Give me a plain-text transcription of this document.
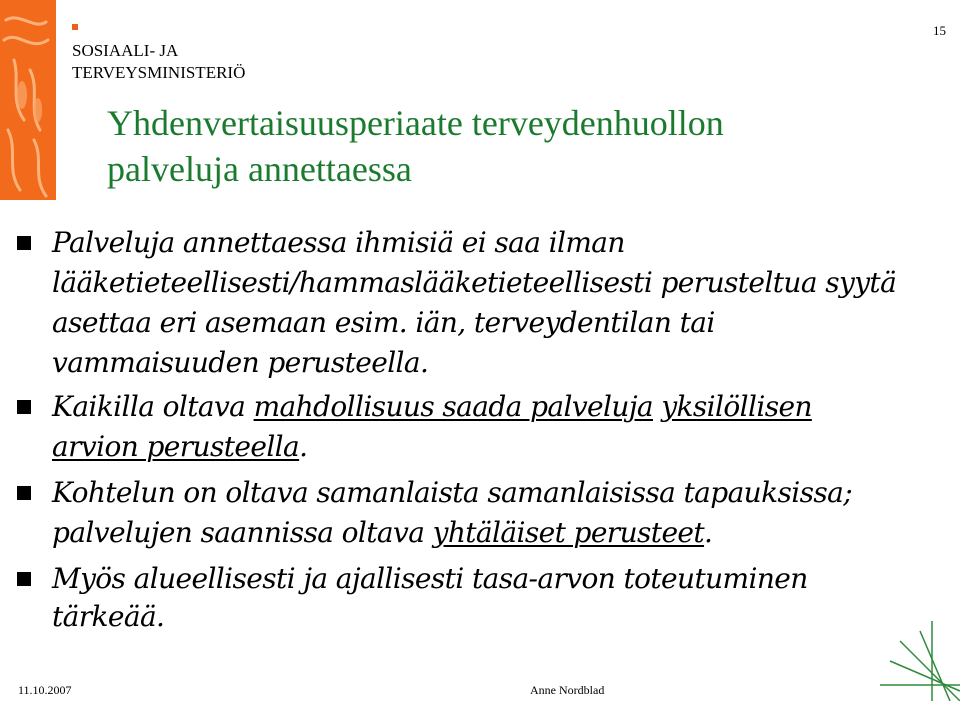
SOSIAALI- JA
TERVEYSMINISTERIÖ
15
Yhdenvertaisuusperiaate terveydenhuollon
palveluja annettaessa
Palveluja annettaessa ihmisiä ei saa ilman
lääketieteellisesti/hammaslääketieteellisesti perusteltua syytä
asettaa eri asemaan esim. iän, terveydentilan tai
vammaisuuden perusteella.
Kaikilla oltava mahdollisuus saada palveluja yksilöllisen
arvion perusteella.
Kohtelun on oltava samanlaista samanlaisissa tapauksissa;
palvelujen saannissa oltava yhtäläiset perusteet.
Myös alueellisesti ja ajallisesti tasa-arvon toteutuminen
tärkeää.
11.10.2007	Anne Nordblad
